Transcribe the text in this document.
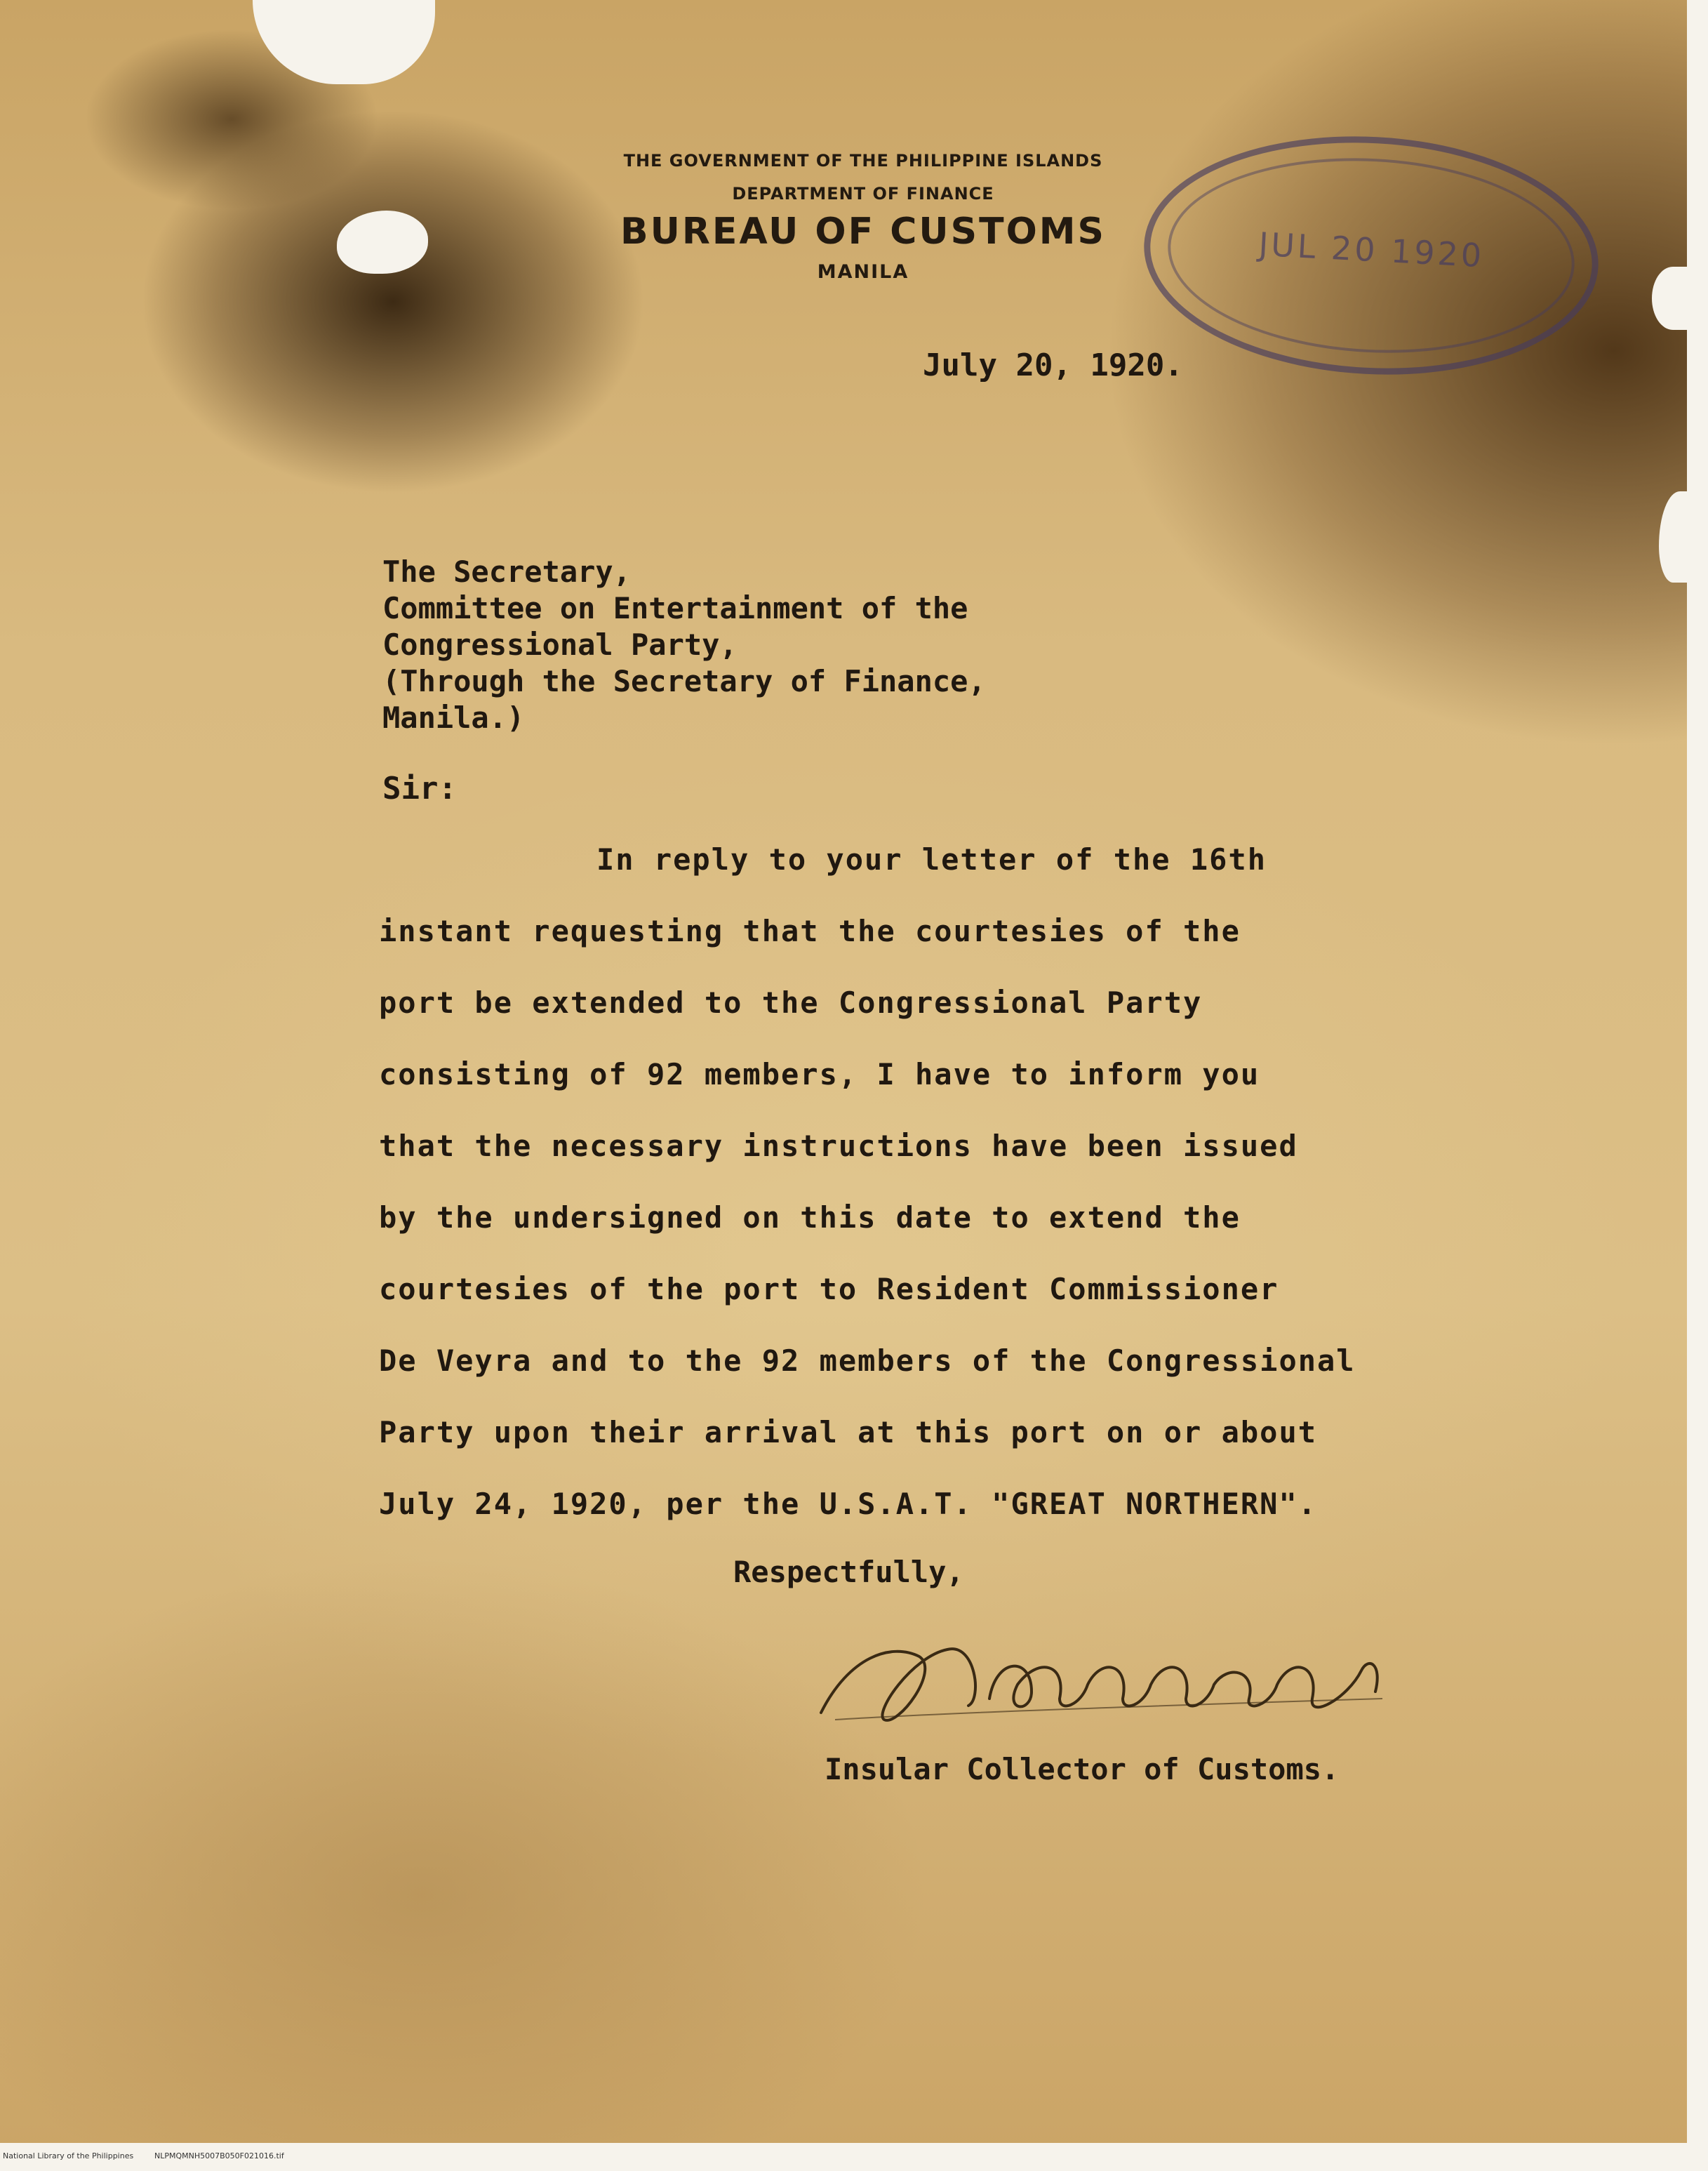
THE GOVERNMENT OF THE PHILIPPINE ISLANDS
DEPARTMENT OF FINANCE
BUREAU OF CUSTOMS
MANILA	JUL 20 1920
July 20, 1920.
The Secretary,
Committee on Entertainment of the
Congressional Party,
(Through the Secretary of Finance,
Manila.)
Sir:
In reply to your letter of the 16th
instant requesting that the courtesies of the
port be extended to the Congressional Party
consisting of 92 members, I have to inform you
that the necessary instructions have been issued
by the undersigned on this date to extend the
courtesies of the port to Resident Commissioner
De Veyra and to the 92 members of the Congressional
Party upon their arrival at this port on or about
July 24, 1920, per the U.S.A.T. "GREAT NORTHERN".
Respectfully,
Insular Collector of Customs.
National Library of the Philippines	NLPMQMNH5007B050F021016.tif
